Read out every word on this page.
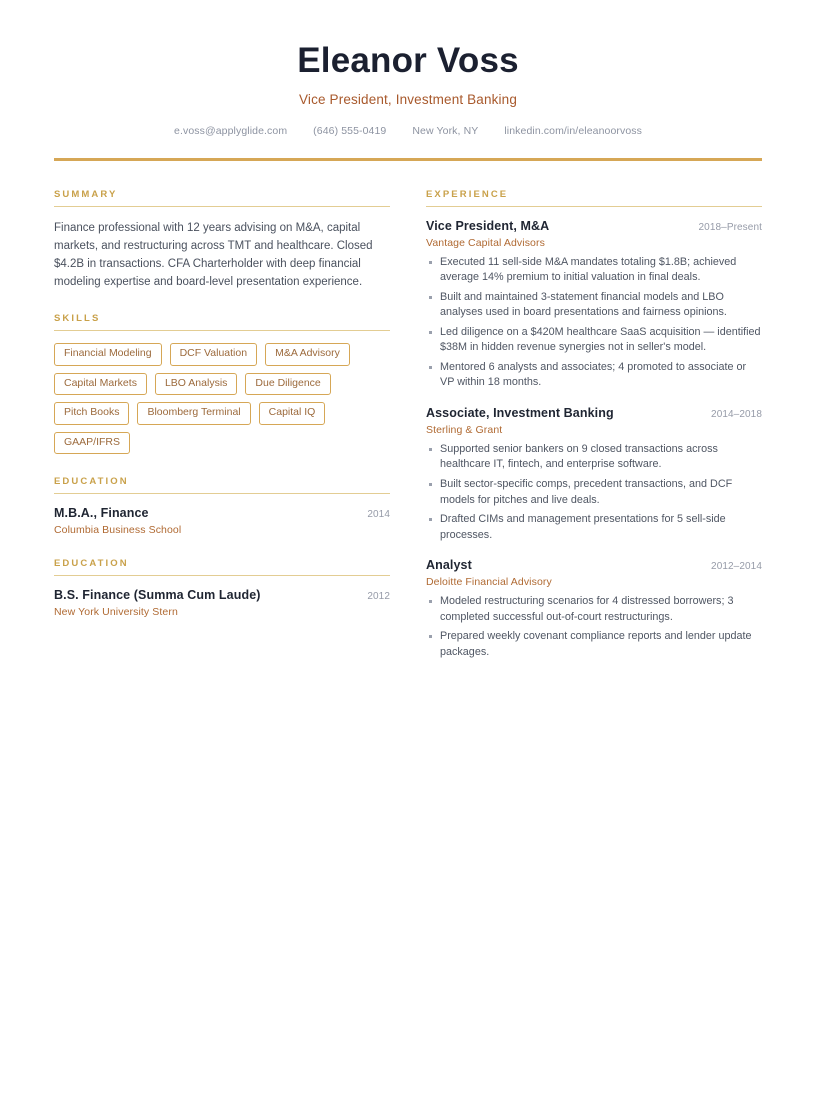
Eleanor Voss
Vice President, Investment Banking
e.voss@applyglide.com (646) 555-0419 New York, NY linkedin.com/in/eleanoorvoss
SUMMARY
Finance professional with 12 years advising on M&A, capital markets, and restructuring across TMT and healthcare. Closed $4.2B in transactions. CFA Charterholder with deep financial modeling expertise and board-level presentation experience.
SKILLS
Financial Modeling	DCF Valuation	M&A Advisory
Capital Markets	LBO Analysis	Due Diligence
Pitch Books	Bloomberg Terminal	Capital IQ
GAAP/IFRS
EDUCATION
M.B.A., Finance	2014
Columbia Business School
EDUCATION
B.S. Finance (Summa Cum Laude)	2012
New York University Stern
EXPERIENCE
Vice President, M&A	2018–Present
Vantage Capital Advisors
Executed 11 sell-side M&A mandates totaling $1.8B; achieved average 14% premium to initial valuation in final deals.
Built and maintained 3-statement financial models and LBO analyses used in board presentations and fairness opinions.
Led diligence on a $420M healthcare SaaS acquisition — identified $38M in hidden revenue synergies not in seller's model.
Mentored 6 analysts and associates; 4 promoted to associate or VP within 18 months.
Associate, Investment Banking	2014–2018
Sterling & Grant
Supported senior bankers on 9 closed transactions across healthcare IT, fintech, and enterprise software.
Built sector-specific comps, precedent transactions, and DCF models for pitches and live deals.
Drafted CIMs and management presentations for 5 sell-side processes.
Analyst	2012–2014
Deloitte Financial Advisory
Modeled restructuring scenarios for 4 distressed borrowers; 3 completed successful out-of-court restructurings.
Prepared weekly covenant compliance reports and lender update packages.
